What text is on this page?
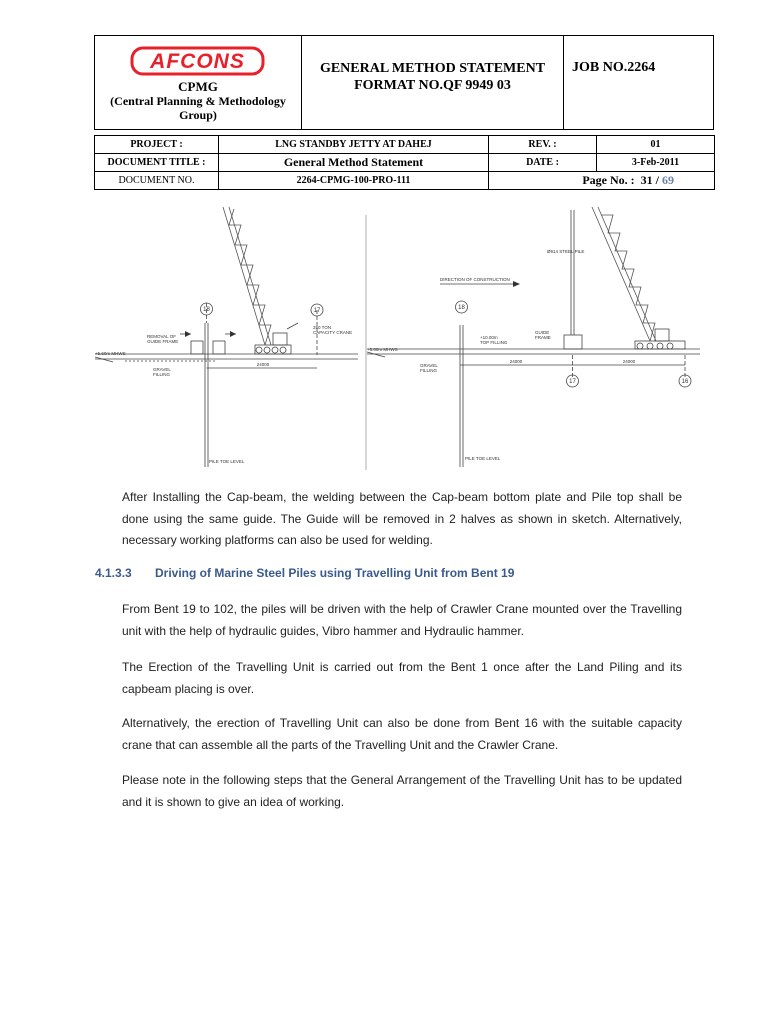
AFCONS
CPMG
(Central Planning & Methodology Group)
GENERAL METHOD STATEMENT
FORMAT NO.QF 9949 03
JOB NO.2264
PROJECT :	LNG STANDBY JETTY AT DAHEJ	REV. :	01
DOCUMENT TITLE :	General Method Statement	DATE :	3-Feb-2011
DOCUMENT NO.	2264-CPMG-100-PRO-111	Page No. : 31 / 69	
18	17
REMOVAL OF
GUIDE FRAME
250 TON
CAPACITY CRANE
+5.60m MHWS
GRAVEL
FILLING
24000
PILE TOE LEVEL
Ø914 STEEL PILE
DIRECTION OF CONSTRUCTION
18
17	16
GUIDE
FRAME
+10.00m
TOP FILLING
+5.60m MHWS
GRAVEL
FILLING
24000	24000
PILE TOE LEVEL
After Installing the Cap-beam, the welding between the Cap-beam bottom plate and Pile top shall be done using the same guide. The Guide will be removed in 2 halves as shown in sketch. Alternatively, necessary working platforms can also be used for welding.
4.1.3.3 Driving of Marine Steel Piles using Travelling Unit from Bent 19
From Bent 19 to 102, the piles will be driven with the help of Crawler Crane mounted over the Travelling unit with the help of hydraulic guides, Vibro hammer and Hydraulic hammer.
The Erection of the Travelling Unit is carried out from the Bent 1 once after the Land Piling and its capbeam placing is over.
Alternatively, the erection of Travelling Unit can also be done from Bent 16 with the suitable capacity crane that can assemble all the parts of the Travelling Unit and the Crawler Crane.
Please note in the following steps that the General Arrangement of the Travelling Unit has to be updated and it is shown to give an idea of working.
